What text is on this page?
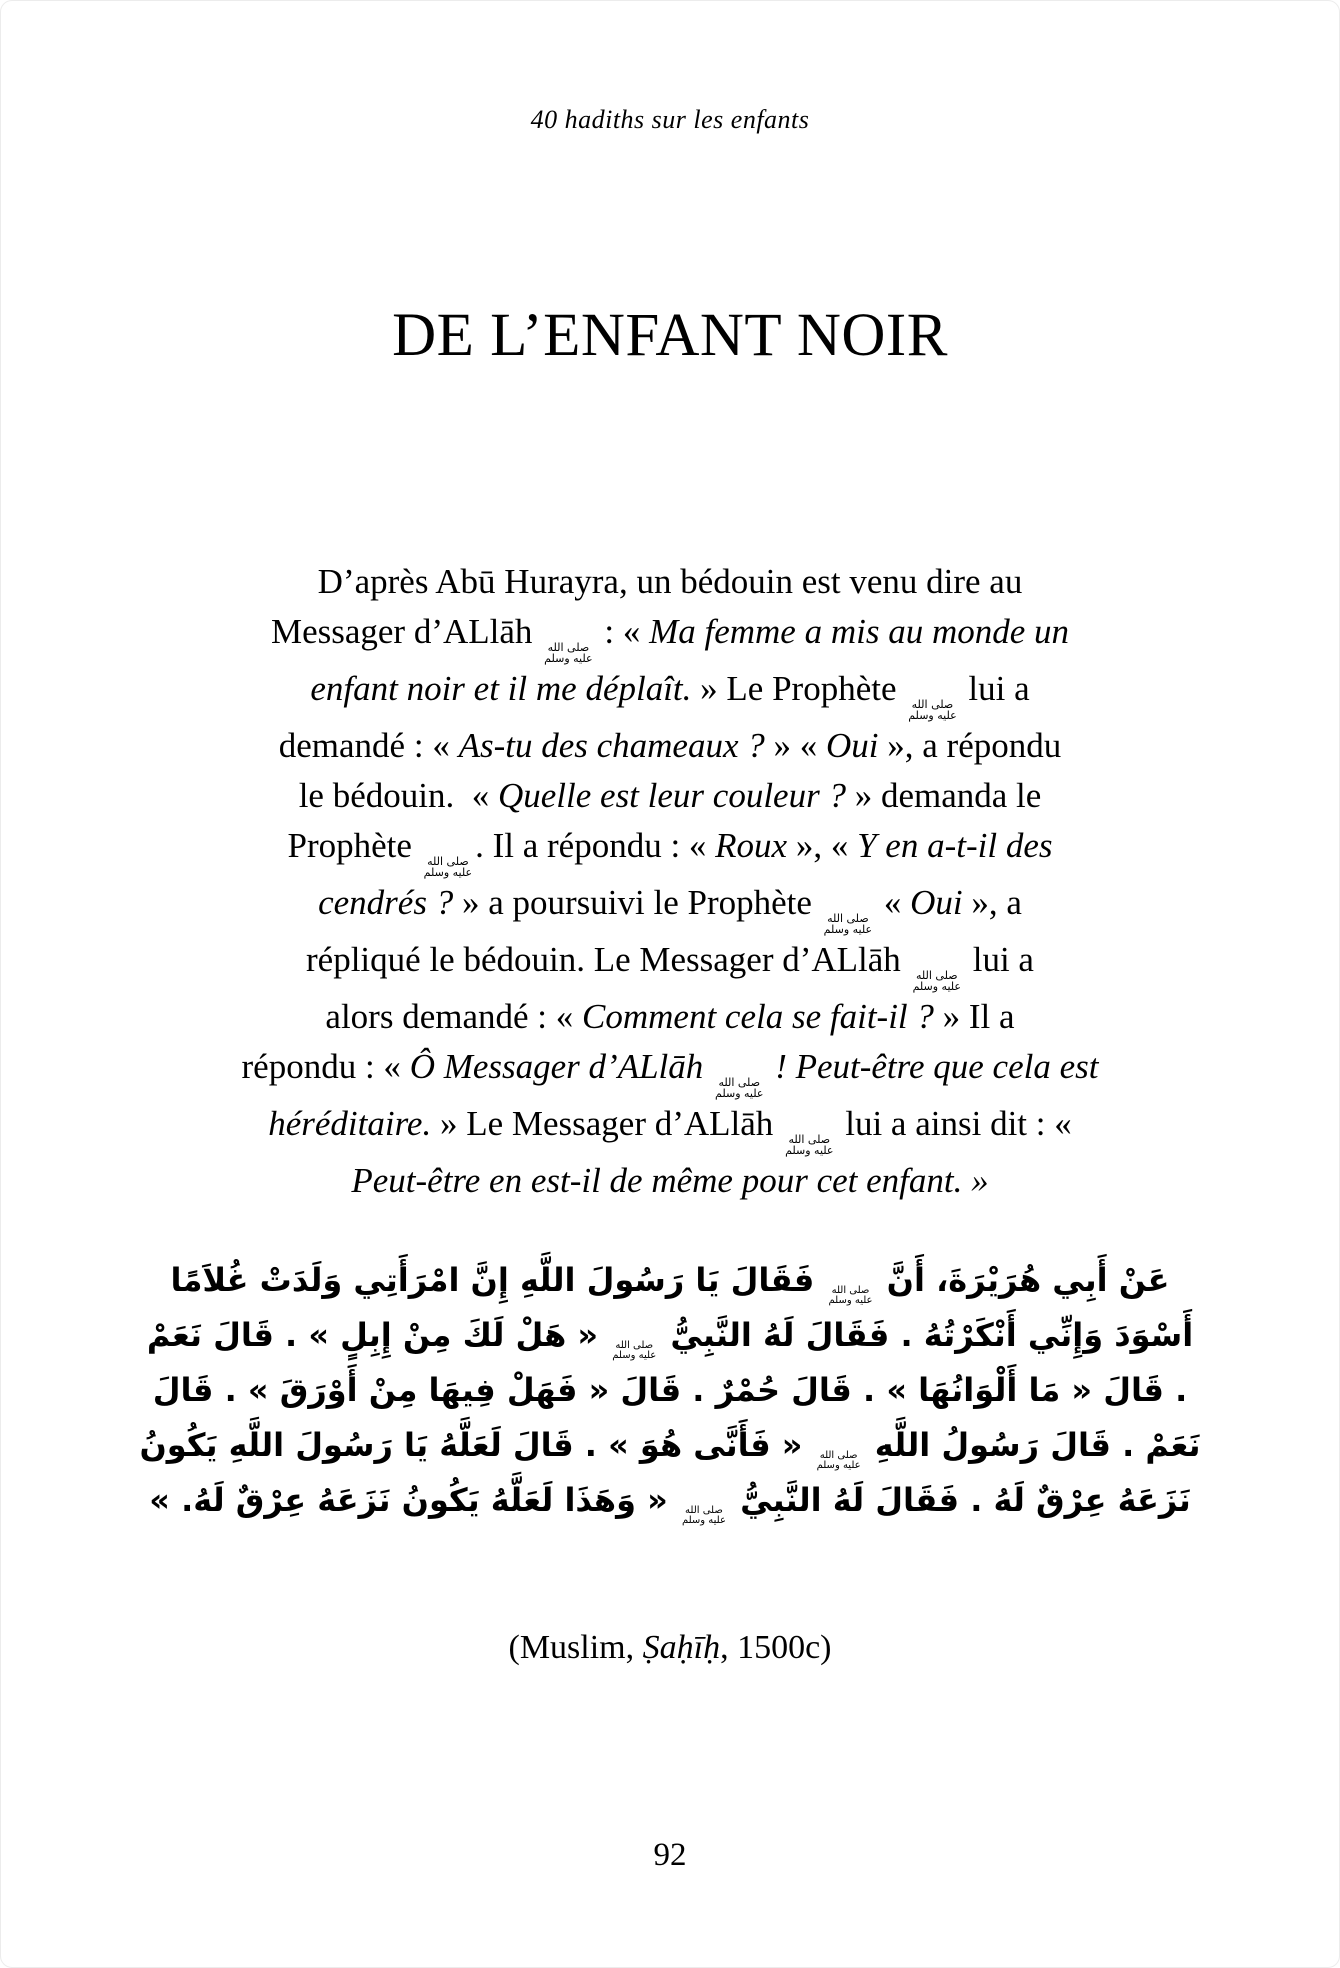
40 hadiths sur les enfants
DE L’ENFANT NOIR
D’après Abū Hurayra, un bédouin est venu dire au
Messager d’ALlāh صلى الله
عليه وسلم
: « Ma femme a mis au monde un
enfant noir et il me déplaît. » Le Prophète صلى الله
عليه وسلم
lui a
demandé : « As-tu des chameaux ? » « Oui », a répondu
le bédouin.  « Quelle est leur couleur ? » demanda le
Prophète صلى الله
عليه وسلم
. Il a répondu : « Roux », « Y en a-t-il des
cendrés ? » a poursuivi le Prophète صلى الله
عليه وسلم
« Oui », a
répliqué le bédouin. Le Messager d’ALlāh صلى الله
عليه وسلم
lui a
alors demandé : « Comment cela se fait-il ? » Il a
répondu : « Ô Messager d’ALlāh صلى الله
عليه وسلم
! Peut-être que cela est
héréditaire. » Le Messager d’ALlāh صلى الله
عليه وسلم
lui a ainsi dit : «
Peut-être en est-il de même pour cet enfant. »
عَنْ أَبِي هُرَيْرَةَ، أَنَّ
صلى الله
عليه وسلم
فَقَالَ يَا رَسُولَ اللَّهِ إِنَّ امْرَأَتِي وَلَدَتْ غُلاَمًا
أَسْوَدَ وَإِنِّي أَنْكَرْتُهُ . فَقَالَ لَهُ النَّبِيُّ
صلى الله
عليه وسلم
« هَلْ لَكَ مِنْ إِبِلٍ » . قَالَ نَعَمْ
. قَالَ « مَا أَلْوَانُهَا » . قَالَ حُمْرٌ . قَالَ « فَهَلْ فِيهَا مِنْ أَوْرَقَ » . قَالَ
نَعَمْ . قَالَ رَسُولُ اللَّهِ
صلى الله
عليه وسلم
« فَأَنَّى هُوَ » . قَالَ لَعَلَّهُ يَا رَسُولَ اللَّهِ يَكُونُ
نَزَعَهُ عِرْقٌ لَهُ . فَقَالَ لَهُ النَّبِيُّ
صلى الله
عليه وسلم
« وَهَذَا لَعَلَّهُ يَكُونُ نَزَعَهُ عِرْقٌ لَهُ. »
(Muslim, Ṣaḥīḥ, 1500c)
92
